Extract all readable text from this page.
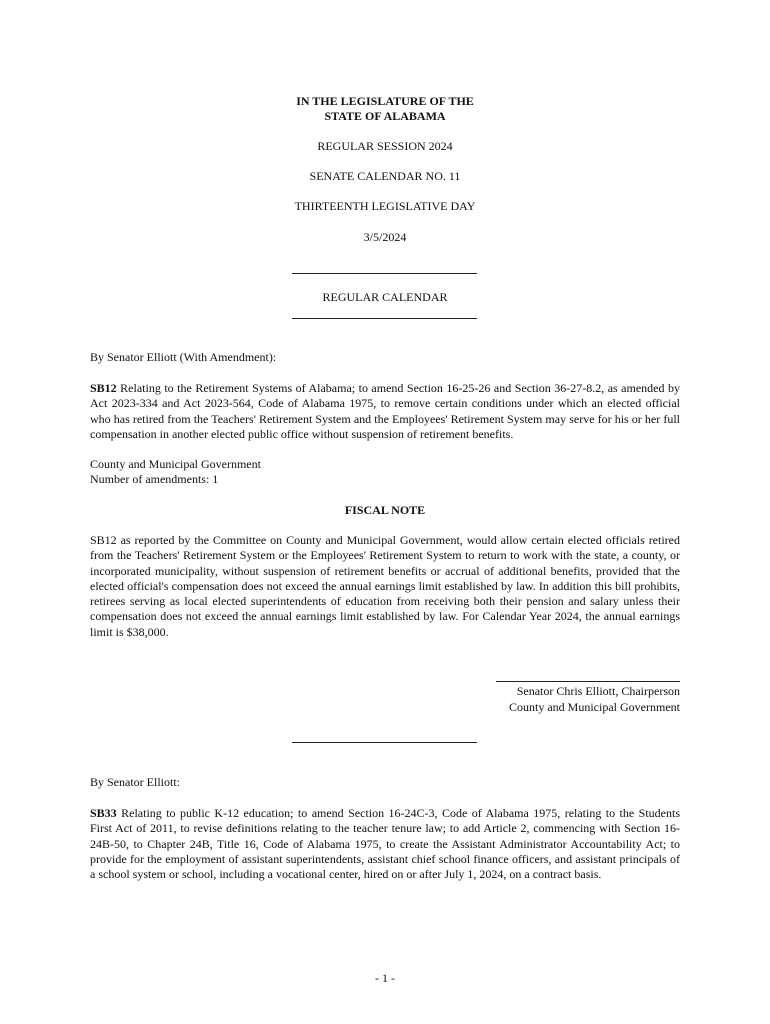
IN THE LEGISLATURE OF THE
STATE OF ALABAMA
REGULAR SESSION 2024
SENATE CALENDAR NO. 11
THIRTEENTH LEGISLATIVE DAY
3/5/2024
REGULAR CALENDAR
By Senator Elliott (With Amendment):
SB12 Relating to the Retirement Systems of Alabama; to amend Section 16-25-26 and Section 36-27-8.2, as amended by Act 2023-334 and Act 2023-564, Code of Alabama 1975, to remove certain conditions under which an elected official who has retired from the Teachers' Retirement System and the Employees' Retirement System may serve for his or her full compensation in another elected public office without suspension of retirement benefits.
County and Municipal Government
Number of amendments: 1
FISCAL NOTE
SB12 as reported by the Committee on County and Municipal Government, would allow certain elected officials retired from the Teachers' Retirement System or the Employees' Retirement System to return to work with the state, a county, or incorporated municipality, without suspension of retirement benefits or accrual of additional benefits, provided that the elected official's compensation does not exceed the annual earnings limit established by law. In addition this bill prohibits, retirees serving as local elected superintendents of education from receiving both their pension and salary unless their compensation does not exceed the annual earnings limit established by law. For Calendar Year 2024, the annual earnings limit is $38,000.
Senator Chris Elliott, Chairperson
County and Municipal Government
By Senator Elliott:
SB33 Relating to public K-12 education; to amend Section 16-24C-3, Code of Alabama 1975, relating to the Students First Act of 2011, to revise definitions relating to the teacher tenure law; to add Article 2, commencing with Section 16-24B-50, to Chapter 24B, Title 16, Code of Alabama 1975, to create the Assistant Administrator Accountability Act; to provide for the employment of assistant superintendents, assistant chief school finance officers, and assistant principals of a school system or school, including a vocational center, hired on or after July 1, 2024, on a contract basis.
- 1 -
